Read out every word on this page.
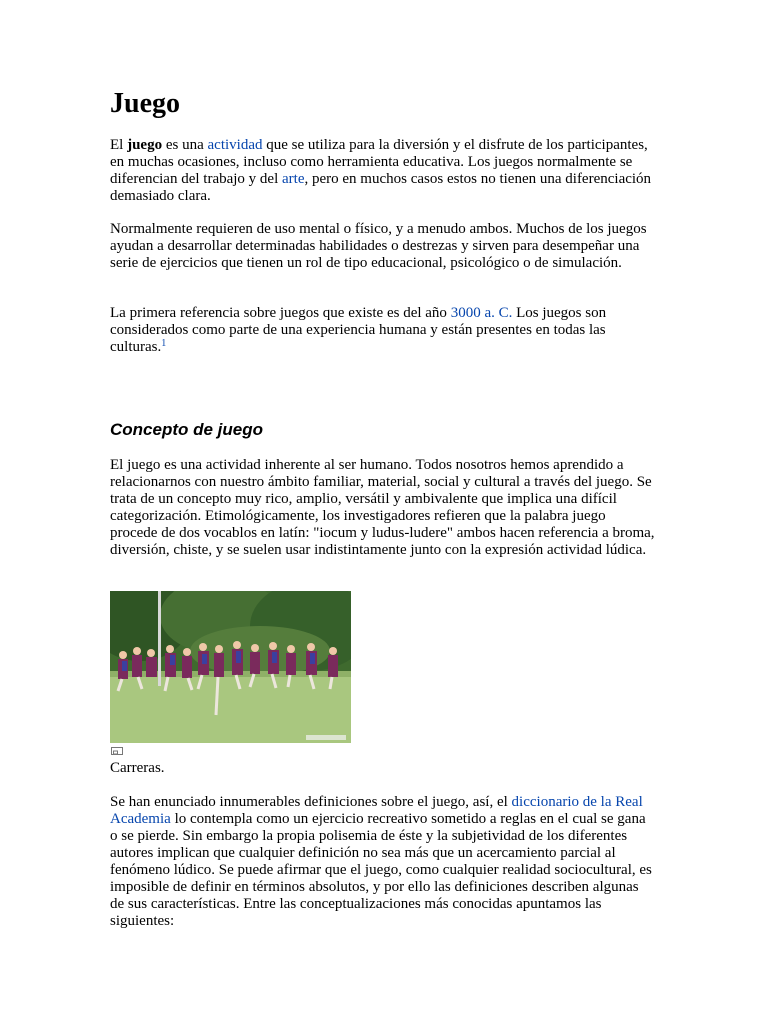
Juego

El juego es una actividad que se utiliza para la diversión y el disfrute de los participantes, en muchas ocasiones, incluso como herramienta educativa. Los juegos normalmente se diferencian del trabajo y del arte, pero en muchos casos estos no tienen una diferenciación demasiado clara.

Normalmente requieren de uso mental o físico, y a menudo ambos. Muchos de los juegos ayudan a desarrollar determinadas habilidades o destrezas y sirven para desempeñar una serie de ejercicios que tienen un rol de tipo educacional, psicológico o de simulación.

La primera referencia sobre juegos que existe es del año 3000 a. C. Los juegos son considerados como parte de una experiencia humana y están presentes en todas las culturas.$^1$

Concepto de juego

El juego es una actividad inherente al ser humano. Todos nosotros hemos aprendido a relacionarnos con nuestro ámbito familiar, material, social y cultural a través del juego. Se trata de un concepto muy rico, amplio, versátil y ambivalente que implica una difícil categorización. Etimológicamente, los investigadores refieren que la palabra juego procede de dos vocablos en latín: "iocum y ludus-ludere" ambos hacen referencia a broma, diversión, chiste, y se suelen usar indistintamente junto con la expresión actividad lúdica.

Carreras.

Se han enunciado innumerables definiciones sobre el juego, así, el diccionario de la Real Academia lo contempla como un ejercicio recreativo sometido a reglas en el cual se gana o se pierde. Sin embargo la propia polisemia de éste y la subjetividad de los diferentes autores implican que cualquier definición no sea más que un acercamiento parcial al fenómeno lúdico. Se puede afirmar que el juego, como cualquier realidad sociocultural, es imposible de definir en términos absolutos, y por ello las definiciones describen algunas de sus características. Entre las conceptualizaciones más conocidas apuntamos las siguientes:
